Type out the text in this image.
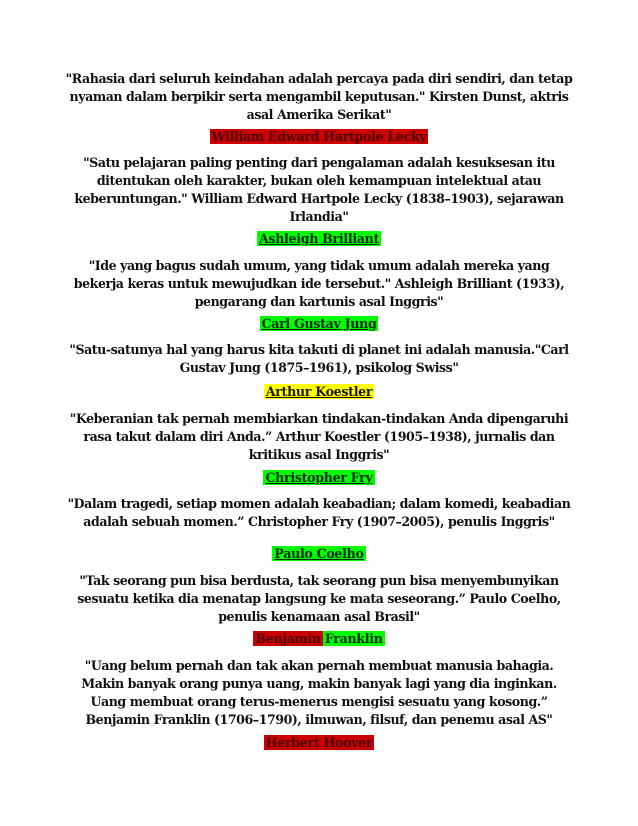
"Rahasia dari seluruh keindahan adalah percaya pada diri sendiri, dan tetap nyaman dalam berpikir serta mengambil keputusan." Kirsten Dunst, aktris asal Amerika Serikat"
William Edward Hartpole Lecky
"Satu pelajaran paling penting dari pengalaman adalah kesuksesan itu ditentukan oleh karakter, bukan oleh kemampuan intelektual atau keberuntungan." William Edward Hartpole Lecky (1838–1903), sejarawan Irlandia"
Ashleigh Brilliant
"Ide yang bagus sudah umum, yang tidak umum adalah mereka yang bekerja keras untuk mewujudkan ide tersebut." Ashleigh Brilliant (1933), pengarang dan kartunis asal Inggris"
Carl Gustav Jung
"Satu-satunya hal yang harus kita takuti di planet ini adalah manusia."Carl Gustav Jung (1875–1961), psikolog Swiss"
Arthur Koestler
"Keberanian tak pernah membiarkan tindakan-tindakan Anda dipengaruhi rasa takut dalam diri Anda.” Arthur Koestler (1905–1938), jurnalis dan kritikus asal Inggris"
Christopher Fry
"Dalam tragedi, setiap momen adalah keabadian; dalam komedi, keabadian adalah sebuah momen.” Christopher Fry (1907–2005), penulis Inggris"
Paulo Coelho
"Tak seorang pun bisa berdusta, tak seorang pun bisa menyembunyikan sesuatu ketika dia menatap langsung ke mata seseorang.” Paulo Coelho, penulis kenamaan asal Brasil"
Benjamin Franklin
"Uang belum pernah dan tak akan pernah membuat manusia bahagia. Makin banyak orang punya uang, makin banyak lagi yang dia inginkan. Uang membuat orang terus-menerus mengisi sesuatu yang kosong.” Benjamin Franklin (1706–1790), ilmuwan, filsuf, dan penemu asal AS"
Herbert Hoover
